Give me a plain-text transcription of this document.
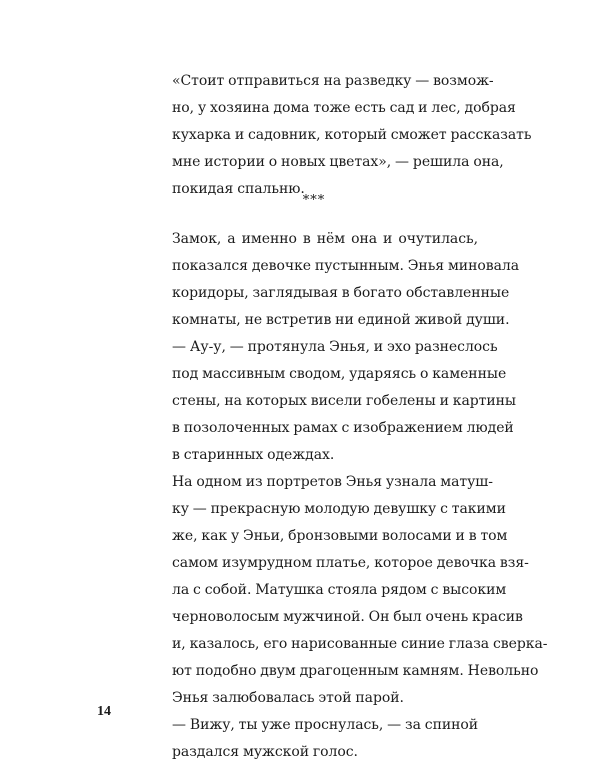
«Стоит отправиться на разведку — возмож-
но, у хозяина дома тоже есть сад и лес, добрая
кухарка и садовник, который сможет рассказать
мне истории о новых цветах», — решила она,
покидая спальню.

***

Замок, а именно в нём она и очутилась,
показался девочке пустынным. Энья миновала
коридоры, заглядывая в богато обставленные
комнаты, не встретив ни единой живой души.

— Ау-у, — протянула Энья, и эхо разнеслось
под массивным сводом, ударяясь о каменные
стены, на которых висели гобелены и картины
в позолоченных рамах с изображением людей
в старинных одеждах.

На одном из портретов Энья узнала матуш-
ку — прекрасную молодую девушку с такими
же, как у Эньи, бронзовыми волосами и в том
самом изумрудном платье, которое девочка взя-
ла с собой. Матушка стояла рядом с высоким
черноволосым мужчиной. Он был очень красив
и, казалось, его нарисованные синие глаза сверка-
ют подобно двум драгоценным камням. Невольно
Энья залюбовалась этой парой.

— Вижу, ты уже проснулась, — за спиной
раздался мужской голос.

14
